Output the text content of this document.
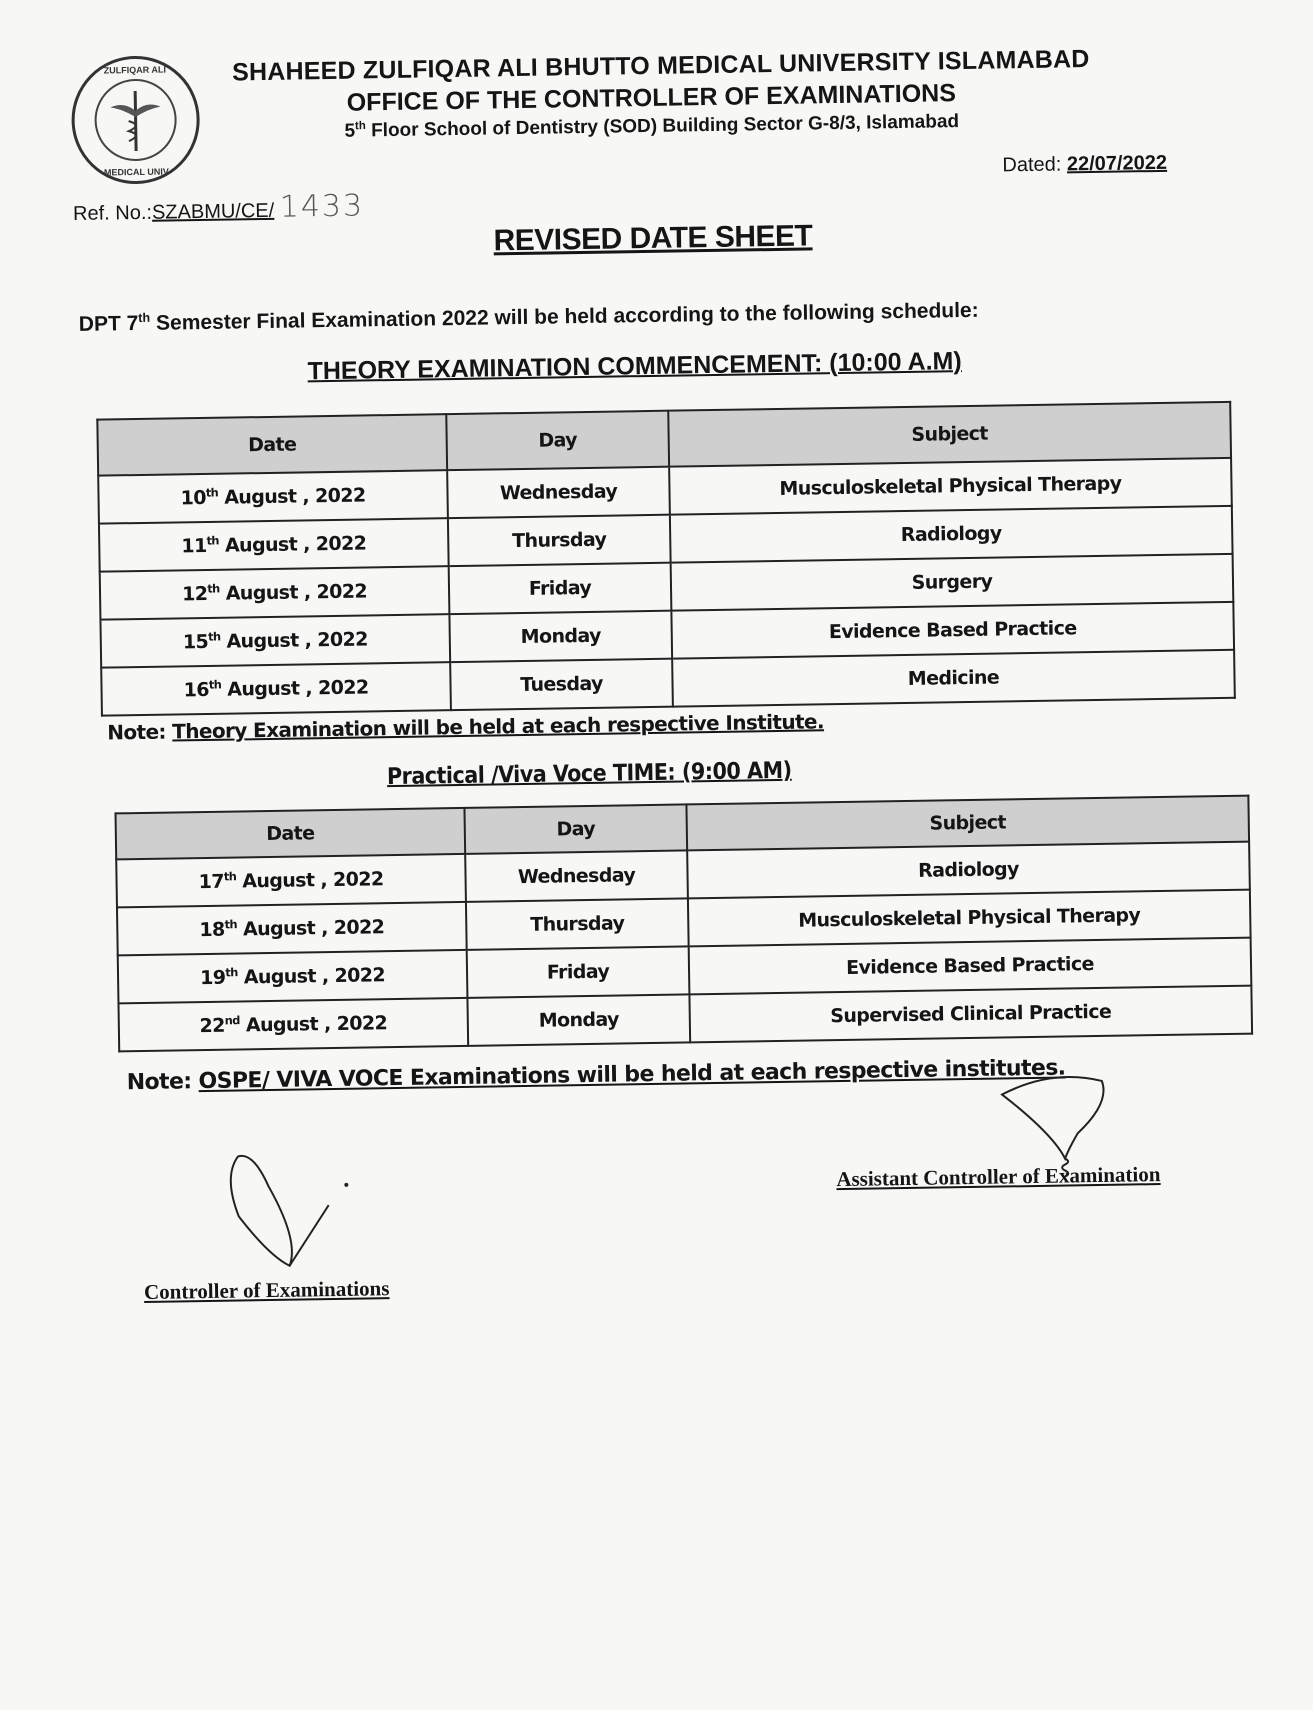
ZULFIQAR ALI
MEDICAL UNIV
SHAHEED ZULFIQAR ALI BHUTTO MEDICAL UNIVERSITY ISLAMABAD
OFFICE OF THE CONTROLLER OF EXAMINATIONS
5th Floor School of Dentistry (SOD) Building Sector G-8/3, Islamabad
Ref. No.:SZABMU/CE/ 1433
Dated: 22/07/2022
REVISED DATE SHEET
DPT 7th Semester Final Examination 2022 will be held according to the following schedule:
THEORY EXAMINATION COMMENCEMENT: (10:00 A.M)
Date	Day	Subject
10th August , 2022	Wednesday	Musculoskeletal Physical Therapy
11th August , 2022	Thursday	Radiology
12th August , 2022	Friday	Surgery
15th August , 2022	Monday	Evidence Based Practice
16th August , 2022	Tuesday	Medicine
Note: Theory Examination will be held at each respective Institute.
Practical /Viva Voce TIME: (9:00 AM)
Date	Day	Subject
17th August , 2022	Wednesday	Radiology
18th August , 2022	Thursday	Musculoskeletal Physical Therapy
19th August , 2022	Friday	Evidence Based Practice
22nd August , 2022	Monday	Supervised Clinical Practice
Note: OSPE/ VIVA VOCE Examinations will be held at each respective institutes.
Assistant Controller of Examination
Controller of Examinations
